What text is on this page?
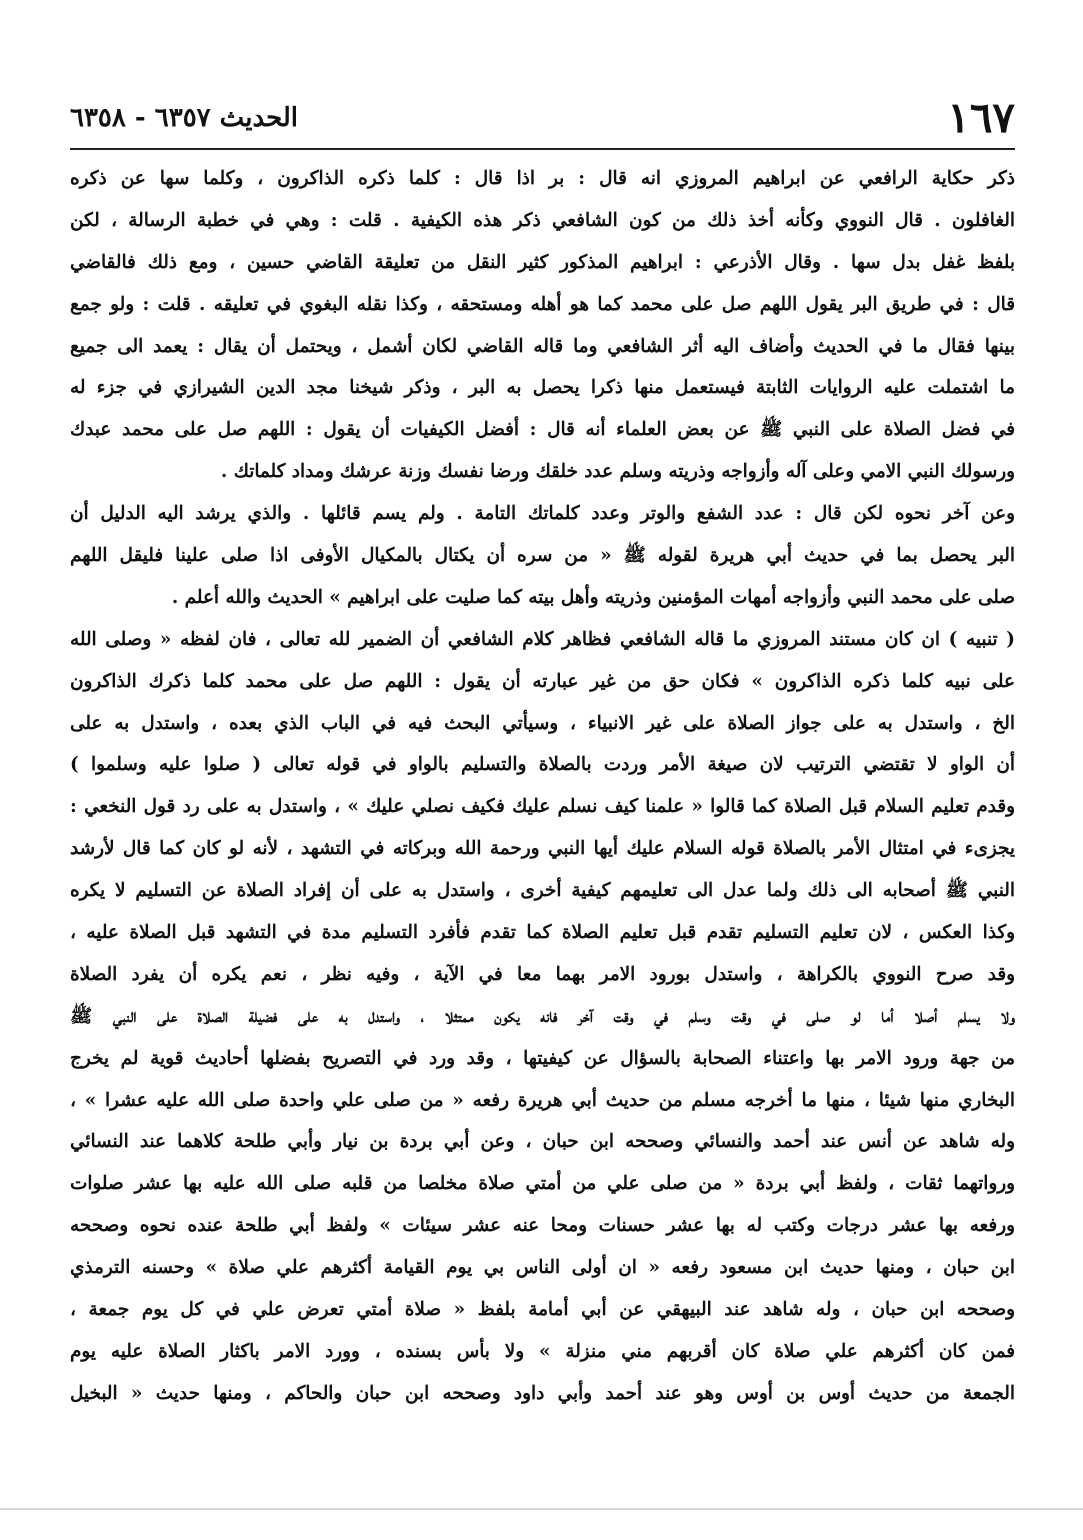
١٦٧
الحديث ٦٣٥٧ - ٦٣٥٨
ذكر حكاية الرافعي عن ابراهيم المروزي انه قال : بر اذا قال : كلما ذكره الذاكرون ، وكلما سها عن ذكره
الغافلون . قال النووي وكأنه أخذ ذلك من كون الشافعي ذكر هذه الكيفية . قلت : وهي في خطبة الرسالة ، لكن
بلفظ غفل بدل سها . وقال الأذرعي : ابراهيم المذكور كثير النقل من تعليقة القاضي حسين ، ومع ذلك فالقاضي
قال : في طريق البر يقول اللهم صل على محمد كما هو أهله ومستحقه ، وكذا نقله البغوي في تعليقه . قلت : ولو جمع
بينها فقال ما في الحديث وأضاف اليه أثر الشافعي وما قاله القاضي لكان أشمل ، ويحتمل أن يقال : يعمد الى جميع
ما اشتملت عليه الروايات الثابتة فيستعمل منها ذكرا يحصل به البر ، وذكر شيخنا مجد الدين الشيرازي في جزء له
في فضل الصلاة على النبي ﷺ عن بعض العلماء أنه قال : أفضل الكيفيات أن يقول : اللهم صل على محمد عبدك
ورسولك النبي الامي وعلى آله وأزواجه وذريته وسلم عدد خلقك ورضا نفسك وزنة عرشك ومداد كلماتك .
وعن آخر نحوه لكن قال : عدد الشفع والوتر وعدد كلماتك التامة . ولم يسم قائلها . والذي يرشد اليه الدليل أن
البر يحصل بما في حديث أبي هريرة لقوله ﷺ « من سره أن يكتال بالمكيال الأوفى اذا صلى علينا فليقل اللهم
صلى على محمد النبي وأزواجه أمهات المؤمنين وذريته وأهل بيته كما صليت على ابراهيم » الحديث والله أعلم .
( تنبيه ) ان كان مستند المروزي ما قاله الشافعي فظاهر كلام الشافعي أن الضمير لله تعالى ، فان لفظه « وصلى الله
على نبيه كلما ذكره الذاكرون » فكان حق من غير عبارته أن يقول : اللهم صل على محمد كلما ذكرك الذاكرون
الخ ، واستدل به على جواز الصلاة على غير الانبياء ، وسيأتي البحث فيه في الباب الذي بعده ، واستدل به على
أن الواو لا تقتضي الترتيب لان صيغة الأمر وردت بالصلاة والتسليم بالواو في قوله تعالى ( صلوا عليه وسلموا )
وقدم تعليم السلام قبل الصلاة كما قالوا « علمنا كيف نسلم عليك فكيف نصلي عليك » ، واستدل به على رد قول النخعي :
يجزىء في امتثال الأمر بالصلاة قوله السلام عليك أيها النبي ورحمة الله وبركاته في التشهد ، لأنه لو كان كما قال لأرشد
النبي ﷺ أصحابه الى ذلك ولما عدل الى تعليمهم كيفية أخرى ، واستدل به على أن إفراد الصلاة عن التسليم لا يكره
وكذا العكس ، لان تعليم التسليم تقدم قبل تعليم الصلاة كما تقدم فأفرد التسليم مدة في التشهد قبل الصلاة عليه ،
وقد صرح النووي بالكراهة ، واستدل بورود الامر بهما معا في الآية ، وفيه نظر ، نعم يكره أن يفرد الصلاة
ولا يسلم أصلا أما لو صلى في وقت وسلم في وقت آخر فانه يكون ممتثلا ، واستدل به على فضيلة الصلاة على النبي ﷺ
من جهة ورود الامر بها واعتناء الصحابة بالسؤال عن كيفيتها ، وقد ورد في التصريح بفضلها أحاديث قوية لم يخرج
البخاري منها شيئا ، منها ما أخرجه مسلم من حديث أبي هريرة رفعه « من صلى علي واحدة صلى الله عليه عشرا » ،
وله شاهد عن أنس عند أحمد والنسائي وصححه ابن حبان ، وعن أبي بردة بن نيار وأبي طلحة كلاهما عند النسائي
ورواتهما ثقات ، ولفظ أبي بردة « من صلى علي من أمتي صلاة مخلصا من قلبه صلى الله عليه بها عشر صلوات
ورفعه بها عشر درجات وكتب له بها عشر حسنات ومحا عنه عشر سيئات » ولفظ أبي طلحة عنده نحوه وصححه
ابن حبان ، ومنها حديث ابن مسعود رفعه « ان أولى الناس بي يوم القيامة أكثرهم علي صلاة » وحسنه الترمذي
وصححه ابن حبان ، وله شاهد عند البيهقي عن أبي أمامة بلفظ « صلاة أمتي تعرض علي في كل يوم جمعة ،
فمن كان أكثرهم علي صلاة كان أقربهم مني منزلة » ولا بأس بسنده ، وورد الامر باكثار الصلاة عليه يوم
الجمعة من حديث أوس بن أوس وهو عند أحمد وأبي داود وصححه ابن حبان والحاكم ، ومنها حديث « البخيل
